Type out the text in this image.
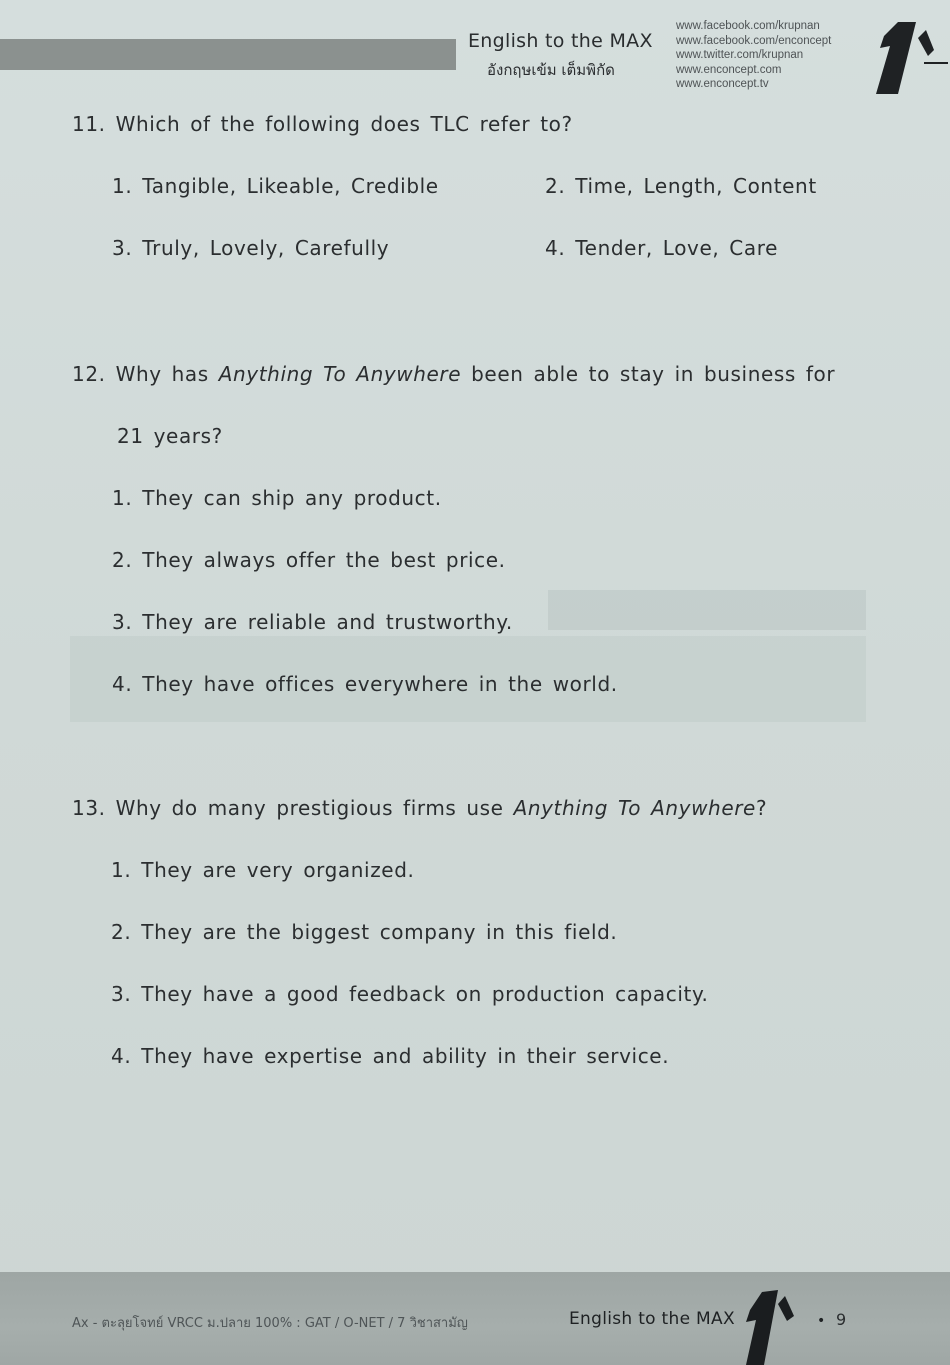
English to the MAX
อังกฤษเข้ม เต็มพิกัด
www.facebook.com/krupnan
www.facebook.com/enconcept
www.twitter.com/krupnan
www.enconcept.com
www.enconcept.tv
11. Which of the following does TLC refer to?
1. Tangible, Likeable, Credible	2. Time, Length, Content
3. Truly, Lovely, Carefully	4. Tender, Love, Care
12. Why has Anything To Anywhere been able to stay in business for
21 years?
1. They can ship any product.
2. They always offer the best price.
3. They are reliable and trustworthy.
4. They have offices everywhere in the world.
13. Why do many prestigious firms use Anything To Anywhere?
1. They are very organized.
2. They are the biggest company in this field.
3. They have a good feedback on production capacity.
4. They have expertise and ability in their service.
Ax - ตะลุยโจทย์ VRCC ม.ปลาย 100% : GAT / O-NET / 7 วิชาสามัญ	English to the MAX	• 9
